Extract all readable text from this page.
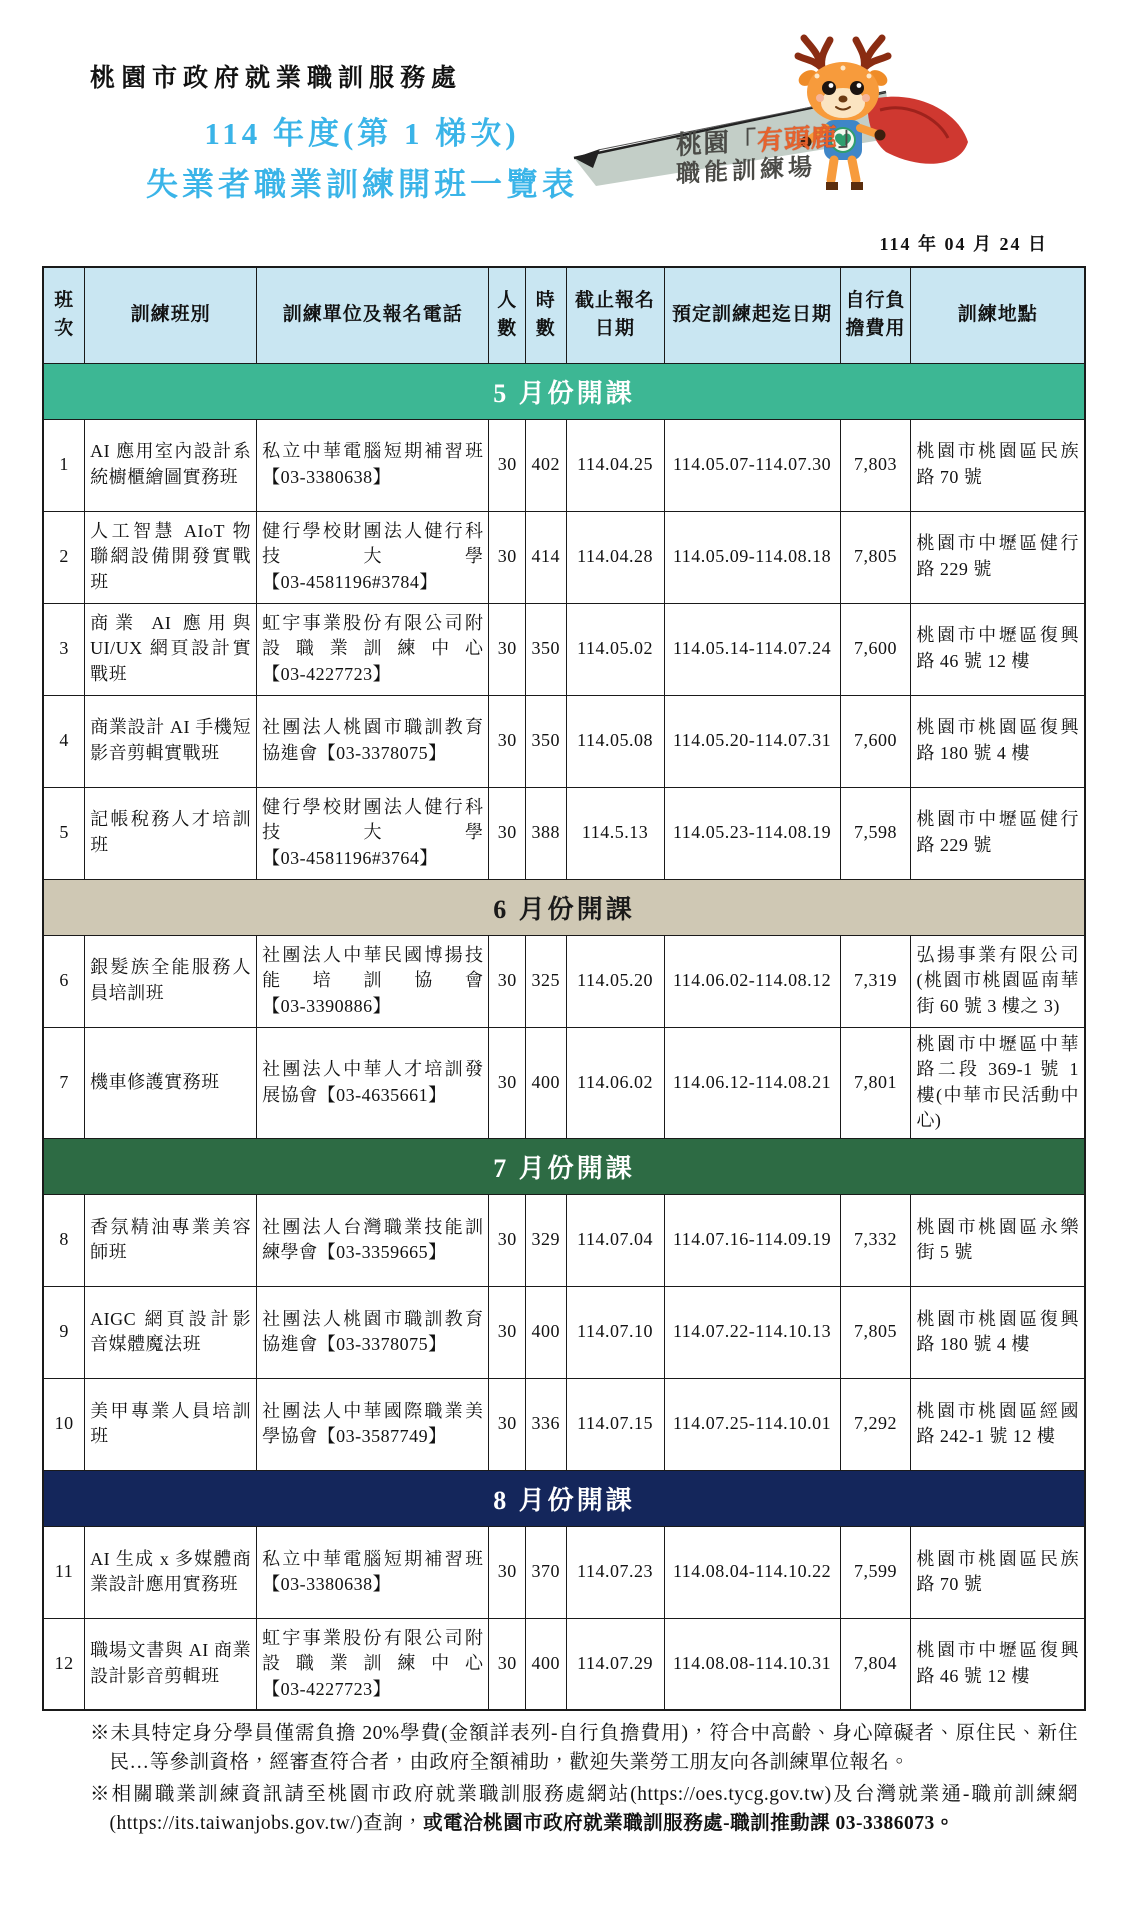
桃園市政府就業職訓服務處
114 年度(第 1 梯次)
失業者職業訓練開班一覽表
桃園「有頭鹿」
職能訓練場
114 年 04 月 24 日
班次	訓練班別	訓練單位及報名電話	人數	時數	截止報名日期	預定訓練起迄日期	自行負擔費用	訓練地點
5 月份開課								
1	AI 應用室內設計系統櫥櫃繪圖實務班	私立中華電腦短期補習班【03-3380638】	30	402	114.04.25	114.05.07-114.07.30	7,803	桃園市桃園區民族路 70 號
2	人工智慧 AIoT 物聯網設備開發實戰班	健行學校財團法人健行科技大學【03-4581196#3784】	30	414	114.04.28	114.05.09-114.08.18	7,805	桃園市中壢區健行路 229 號
3	商業 AI 應用與 UI/UX 網頁設計實戰班	虹宇事業股份有限公司附設職業訓練中心【03-4227723】	30	350	114.05.02	114.05.14-114.07.24	7,600	桃園市中壢區復興路 46 號 12 樓
4	商業設計 AI 手機短影音剪輯實戰班	社團法人桃園市職訓教育協進會【03-3378075】	30	350	114.05.08	114.05.20-114.07.31	7,600	桃園市桃園區復興路 180 號 4 樓
5	記帳稅務人才培訓班	健行學校財團法人健行科技大學【03-4581196#3764】	30	388	114.5.13	114.05.23-114.08.19	7,598	桃園市中壢區健行路 229 號
6 月份開課								
6	銀髮族全能服務人員培訓班	社團法人中華民國博揚技能培訓協會【03-3390886】	30	325	114.05.20	114.06.02-114.08.12	7,319	弘揚事業有限公司(桃園市桃園區南華街 60 號 3 樓之 3)
7	機車修護實務班	社團法人中華人才培訓發展協會【03-4635661】	30	400	114.06.02	114.06.12-114.08.21	7,801	桃園市中壢區中華路二段 369-1 號 1 樓(中華市民活動中心)
7 月份開課								
8	香氛精油專業美容師班	社團法人台灣職業技能訓練學會【03-3359665】	30	329	114.07.04	114.07.16-114.09.19	7,332	桃園市桃園區永樂街 5 號
9	AIGC 網頁設計影音媒體魔法班	社團法人桃園市職訓教育協進會【03-3378075】	30	400	114.07.10	114.07.22-114.10.13	7,805	桃園市桃園區復興路 180 號 4 樓
10	美甲專業人員培訓班	社團法人中華國際職業美學協會【03-3587749】	30	336	114.07.15	114.07.25-114.10.01	7,292	桃園市桃園區經國路 242-1 號 12 樓
8 月份開課								
11	AI 生成 x 多媒體商業設計應用實務班	私立中華電腦短期補習班【03-3380638】	30	370	114.07.23	114.08.04-114.10.22	7,599	桃園市桃園區民族路 70 號
12	職場文書與 AI 商業設計影音剪輯班	虹宇事業股份有限公司附設職業訓練中心【03-4227723】	30	400	114.07.29	114.08.08-114.10.31	7,804	桃園市中壢區復興路 46 號 12 樓

※未具特定身分學員僅需負擔 20%學費(金額詳表列-自行負擔費用)，符合中高齡、身心障礙者、原住民、新住民…等參訓資格，經審查符合者，由政府全額補助，歡迎失業勞工朋友向各訓練單位報名。

※相關職業訓練資訊請至桃園市政府就業職訓服務處網站(https://oes.tycg.gov.tw)及台灣就業通-職前訓練網(https://its.taiwanjobs.gov.tw/)查詢，或電洽桃園市政府就業職訓服務處-職訓推動課 03-3386073。
